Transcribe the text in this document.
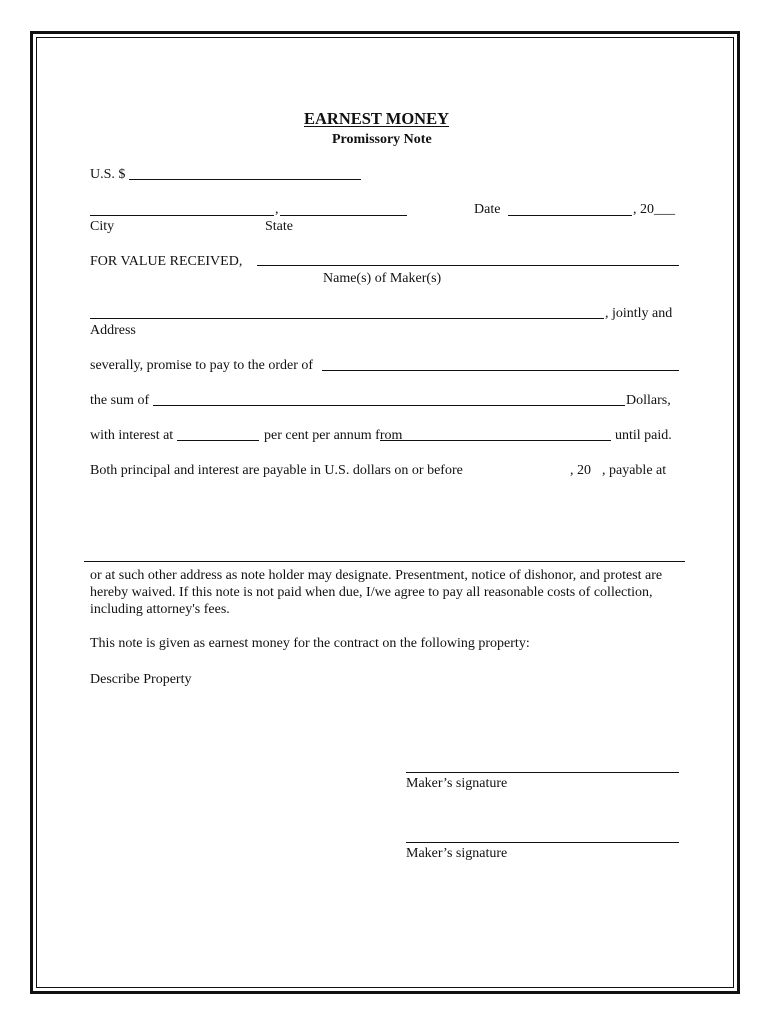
EARNEST MONEY
Promissory Note
U.S. $
,	Date	, 20___
City	State
FOR VALUE RECEIVED,
Name(s) of Maker(s)
, jointly and
Address
severally, promise to pay to the order of
the sum of	Dollars,
with interest at	per cent per annum from	until paid.
Both principal and interest are payable in U.S. dollars on or before	, 20 , payable at
or at such other address as note holder may designate. Presentment, notice of dishonor, and protest are hereby waived. If this note is not paid when due, I/we agree to pay all reasonable costs of collection, including attorney's fees.
This note is given as earnest money for the contract on the following property:
Describe Property
Maker’s signature
Maker’s signature
